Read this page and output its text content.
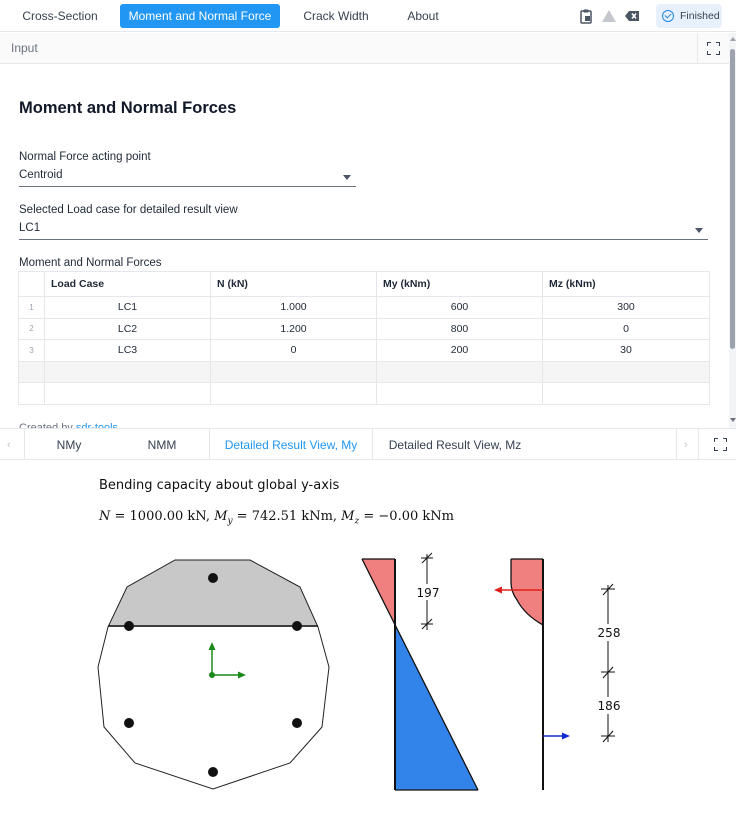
Cross-Section	Moment and Normal Force	Crack Width	About	Finished
Input
Moment and Normal Forces
Normal Force acting point
Centroid
Selected Load case for detailed result view
LC1
Moment and Normal Forces
	Load Case	N (kN)	My (kNm)	Mz (kNm)
1	LC1	1.000	600	300
2	LC2	1.200	800	0
3	LC3	0	200	30

‹	NMy	NMM	Detailed Result View, My	Detailed Result View, Mz	›
Bending capacity about global y-axis
N = 1000.00 kN, $M_y = 742.51$ kNm, $M_z = -0.00$ kNm
197
258
186
